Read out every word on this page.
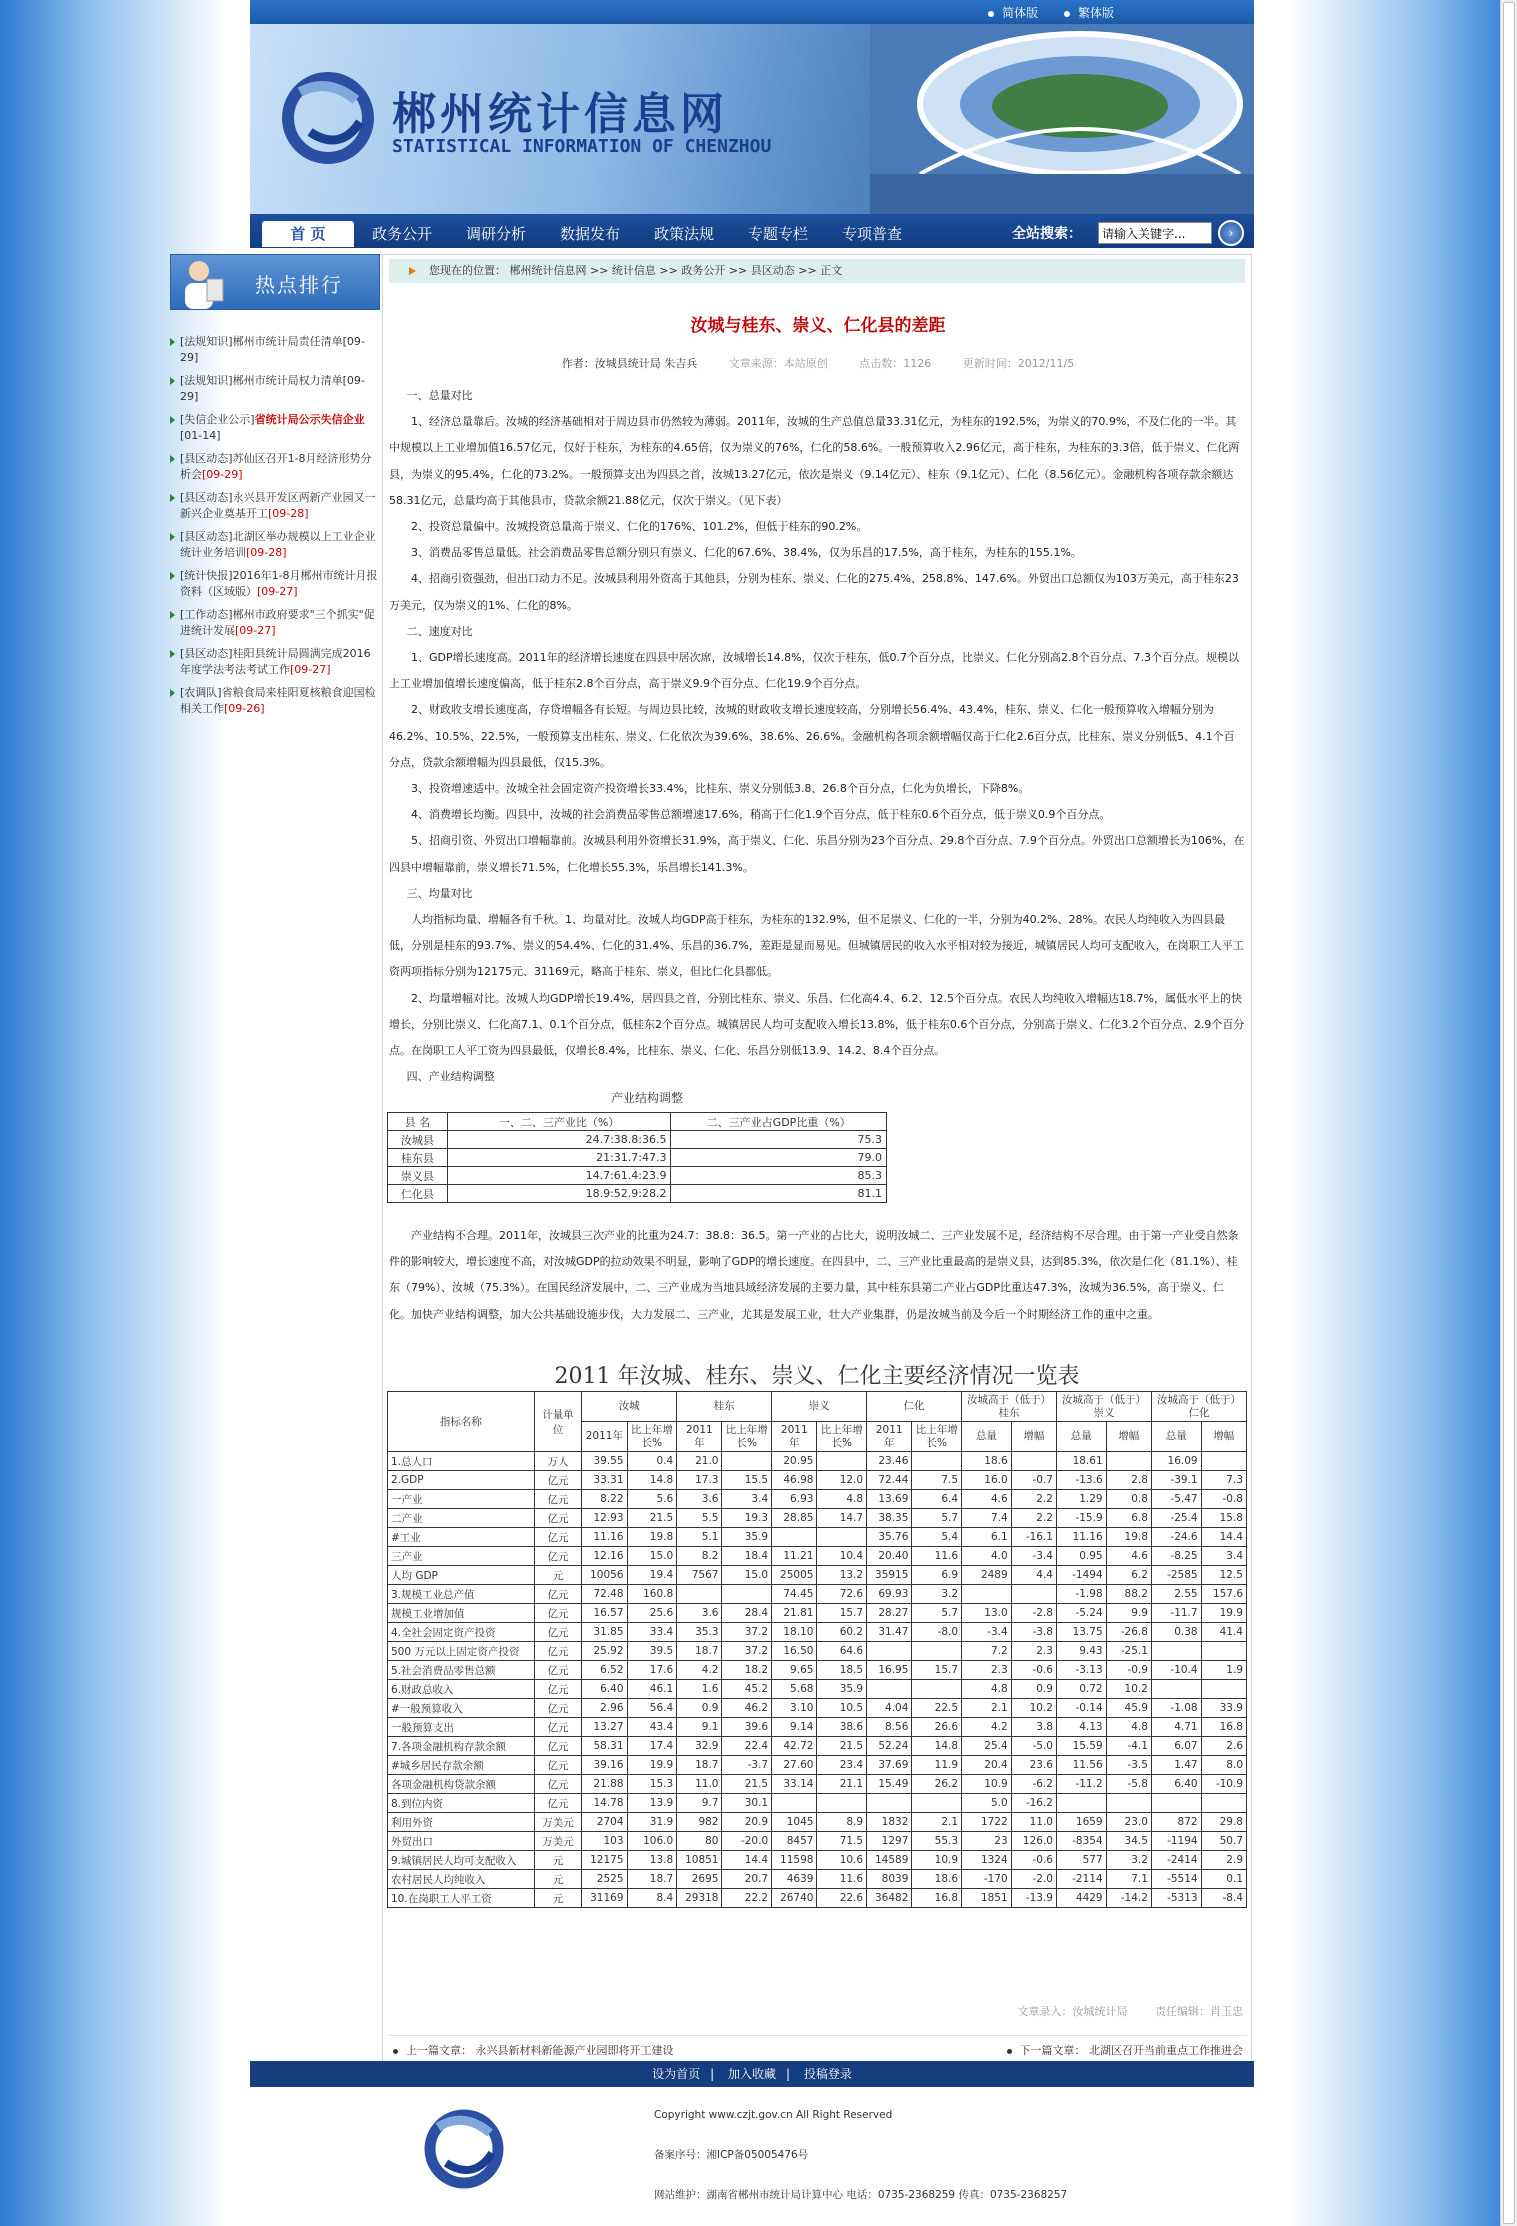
简体版	繁体版
郴州统计信息网
STATISTICAL INFORMATION OF CHENZHOU
首 页	政务公开	调研分析	数据发布	政策法规	专题专栏	专项普查	全站搜索：
请输入关键字...	›
热点排行
[法规知识]郴州市统计局责任清单[09-29]
[法规知识]郴州市统计局权力清单[09-29]
[失信企业公示]省统计局公示失信企业[01-14]
[县区动态]苏仙区召开1-8月经济形势分析会[09-29]
[县区动态]永兴县开发区两新产业园又一新兴企业奠基开工[09-28]
[县区动态]北湖区举办规模以上工业企业统计业务培训[09-28]
[统计快报]2016年1-8月郴州市统计月报资料（区域版）[09-27]
[工作动态]郴州市政府要求"三个抓实"促进统计发展[09-27]
[县区动态]桂阳县统计局圆满完成2016年度学法考法考试工作[09-27]
[农调队]省粮食局来桂阳夏核粮食迎国检相关工作[09-26]
您现在的位置： 郴州统计信息网 >> 统计信息 >> 政务公开 >> 县区动态 >> 正文
汝城与桂东、崇义、仁化县的差距
作者：汝城县统计局 朱吉兵	文章来源：本站原创	点击数：1126	更新时间：2012/11/5

一、总量对比

1、经济总量靠后。汝城的经济基础相对于周边县市仍然较为薄弱。2011年，汝城的生产总值总量33.31亿元，为桂东的192.5%，为崇义的70.9%，不及仁化的一半。其中规模以上工业增加值16.57亿元，仅好于桂东，为桂东的4.65倍，仅为崇义的76%，仁化的58.6%。一般预算收入2.96亿元，高于桂东，为桂东的3.3倍，低于崇义、仁化两县，为崇义的95.4%，仁化的73.2%。一般预算支出为四县之首，汝城13.27亿元，依次是崇义（9.14亿元）、桂东（9.1亿元）、仁化（8.56亿元）。金融机构各项存款余额达58.31亿元，总量均高于其他县市，贷款余额21.88亿元，仅次于崇义。（见下表）

2、投资总量偏中。汝城投资总量高于崇义、仁化的176%、101.2%，但低于桂东的90.2%。

3、消费品零售总量低。社会消费品零售总额分别只有崇义、仁化的67.6%、38.4%，仅为乐昌的17.5%，高于桂东，为桂东的155.1%。

4、招商引资强劲，但出口动力不足。汝城县利用外资高于其他县，分别为桂东、崇义、仁化的275.4%、258.8%、147.6%。外贸出口总额仅为103万美元，高于桂东23万美元，仅为崇义的1%、仁化的8%。

二、速度对比

1、GDP增长速度高。2011年的经济增长速度在四县中居次席，汝城增长14.8%，仅次于桂东，低0.7个百分点，比崇义、仁化分别高2.8个百分点、7.3个百分点。规模以上工业增加值增长速度偏高，低于桂东2.8个百分点，高于崇义9.9个百分点、仁化19.9个百分点。

2、财政收支增长速度高，存贷增幅各有长短。与周边县比较，汝城的财政收支增长速度较高，分别增长56.4%、43.4%，桂东、崇义、仁化一般预算收入增幅分别为46.2%、10.5%、22.5%，一般预算支出桂东、崇义、仁化依次为39.6%、38.6%、26.6%。金融机构各项余额增幅仅高于仁化2.6百分点，比桂东、崇义分别低5、4.1个百分点，贷款余额增幅为四县最低，仅15.3%。

3、投资增速适中。汝城全社会固定资产投资增长33.4%，比桂东、崇义分别低3.8、26.8个百分点，仁化为负增长，下降8%。

4、消费增长均衡。四县中，汝城的社会消费品零售总额增速17.6%，稍高于仁化1.9个百分点，低于桂东0.6个百分点，低于崇义0.9个百分点。

5、招商引资、外贸出口增幅靠前。汝城县利用外资增长31.9%，高于崇义、仁化、乐昌分别为23个百分点、29.8个百分点、7.9个百分点。外贸出口总额增长为106%，在四县中增幅靠前，崇义增长71.5%，仁化增长55.3%，乐昌增长141.3%。

三、均量对比

人均指标均量、增幅各有千秋。1、均量对比。汝城人均GDP高于桂东，为桂东的132.9%，但不足崇义、仁化的一半，分别为40.2%、28%。农民人均纯收入为四县最低，分别是桂东的93.7%、崇义的54.4%、仁化的31.4%、乐昌的36.7%，差距是显而易见。但城镇居民的收入水平相对较为接近，城镇居民人均可支配收入，在岗职工人平工资两项指标分别为12175元、31169元，略高于桂东、崇义，但比仁化县都低。

2、均量增幅对比。汝城人均GDP增长19.4%，居四县之首，分别比桂东、崇义、乐昌、仁化高4.4、6.2、12.5个百分点。农民人均纯收入增幅达18.7%，属低水平上的快增长，分别比崇义、仁化高7.1、0.1个百分点，低桂东2个百分点。城镇居民人均可支配收入增长13.8%，低于桂东0.6个百分点，分别高于崇义、仁化3.2个百分点、2.9个百分点。在岗职工人平工资为四县最低，仅增长8.4%，比桂东、崇义、仁化、乐昌分别低13.9、14.2、8.4个百分点。

四、产业结构调整

产业结构调整
县 名	一、二、三产业比（%）	二、三产业占GDP比重（%）
汝城县	24.7:38.8:36.5	75.3
桂东县	21:31.7:47.3	79.0
崇义县	14.7:61.4:23.9	85.3
仁化县	18.9:52.9:28.2	81.1

产业结构不合理。2011年，汝城县三次产业的比重为24.7：38.8：36.5。第一产业的占比大，说明汝城二、三产业发展不足，经济结构不尽合理。由于第一产业受自然条件的影响较大，增长速度不高，对汝城GDP的拉动效果不明显，影响了GDP的增长速度。在四县中，二、三产业比重最高的是崇义县，达到85.3%，依次是仁化（81.1%）、桂东（79%）、汝城（75.3%）。在国民经济发展中，二、三产业成为当地县域经济发展的主要力量，其中桂东县第二产业占GDP比重达47.3%，汝城为36.5%，高于崇义、仁化。加快产业结构调整，加大公共基础设施步伐，大力发展二、三产业，尤其是发展工业，壮大产业集群，仍是汝城当前及今后一个时期经济工作的重中之重。

2011 年汝城、桂东、崇义、仁化主要经济情况一览表
指标名称	计量单位	汝城		桂东		崇义		仁化		汝城高于（低于）桂东		汝城高于（低于）崇义		汝城高于（低于）仁化	
		2011年	比上年增长%	2011 年	比上年增长%	2011 年	比上年增长%	2011 年	比上年增长%	总量	增幅	总量	增幅	总量	增幅
1.总人口	万人	39.55	0.4	21.0		20.95		23.46		18.6		18.61		16.09	
2.GDP	亿元	33.31	14.8	17.3	15.5	46.98	12.0	72.44	7.5	16.0	-0.7	-13.6	2.8	-39.1	7.3
一产业	亿元	8.22	5.6	3.6	3.4	6.93	4.8	13.69	6.4	4.6	2.2	1.29	0.8	-5.47	-0.8
二产业	亿元	12.93	21.5	5.5	19.3	28.85	14.7	38.35	5.7	7.4	2.2	-15.9	6.8	-25.4	15.8
#工业	亿元	11.16	19.8	5.1	35.9			35.76	5.4	6.1	-16.1	11.16	19.8	-24.6	14.4
三产业	亿元	12.16	15.0	8.2	18.4	11.21	10.4	20.40	11.6	4.0	-3.4	0.95	4.6	-8.25	3.4
人均 GDP	元	10056	19.4	7567	15.0	25005	13.2	35915	6.9	2489	4.4	-1494	6.2	-2585	12.5
3.规模工业总产值	亿元	72.48	160.8			74.45	72.6	69.93	3.2			-1.98	88.2	2.55	157.6
规模工业增加值	亿元	16.57	25.6	3.6	28.4	21.81	15.7	28.27	5.7	13.0	-2.8	-5.24	9.9	-11.7	19.9
4.全社会固定资产投资	亿元	31.85	33.4	35.3	37.2	18.10	60.2	31.47	-8.0	-3.4	-3.8	13.75	-26.8	0.38	41.4
500 万元以上固定资产投资	亿元	25.92	39.5	18.7	37.2	16.50	64.6			7.2	2.3	9.43	-25.1		
5.社会消费品零售总额	亿元	6.52	17.6	4.2	18.2	9.65	18.5	16.95	15.7	2.3	-0.6	-3.13	-0.9	-10.4	1.9
6.财政总收入	亿元	6.40	46.1	1.6	45.2	5.68	35.9			4.8	0.9	0.72	10.2		
#一般预算收入	亿元	2.96	56.4	0.9	46.2	3.10	10.5	4.04	22.5	2.1	10.2	-0.14	45.9	-1.08	33.9
一般预算支出	亿元	13.27	43.4	9.1	39.6	9.14	38.6	8.56	26.6	4.2	3.8	4.13	4.8	4.71	16.8
7.各项金融机构存款余额	亿元	58.31	17.4	32.9	22.4	42.72	21.5	52.24	14.8	25.4	-5.0	15.59	-4.1	6.07	2.6
#城乡居民存款余额	亿元	39.16	19.9	18.7	-3.7	27.60	23.4	37.69	11.9	20.4	23.6	11.56	-3.5	1.47	8.0
各项金融机构贷款余额	亿元	21.88	15.3	11.0	21.5	33.14	21.1	15.49	26.2	10.9	-6.2	-11.2	-5.8	6.40	-10.9
8.到位内资	亿元	14.78	13.9	9.7	30.1					5.0	-16.2				
利用外资	万美元	2704	31.9	982	20.9	1045	8.9	1832	2.1	1722	11.0	1659	23.0	872	29.8
外贸出口	万美元	103	106.0	80	-20.0	8457	71.5	1297	55.3	23	126.0	-8354	34.5	-1194	50.7
9.城镇居民人均可支配收入	元	12175	13.8	10851	14.4	11598	10.6	14589	10.9	1324	-0.6	577	3.2	-2414	2.9
农村居民人均纯收入	元	2525	18.7	2695	20.7	4639	11.6	8039	18.6	-170	-2.0	-2114	7.1	-5514	0.1
10.在岗职工人平工资	元	31169	8.4	29318	22.2	26740	22.6	36482	16.8	1851	-13.9	4429	-14.2	-5313	-8.4
文章录入：汝城统计局	责任编辑：肖玉忠
上一篇文章： 永兴县新材料新能源产业园即将开工建设	下一篇文章： 北湖区召开当前重点工作推进会
设为首页 | 加入收藏 | 投稿登录
Copyright www.czjt.gov.cn All Right Reserved
备案序号：湘ICP备05005476号
网站维护：湖南省郴州市统计局计算中心 电话：0735-2368259 传真：0735-2368257
